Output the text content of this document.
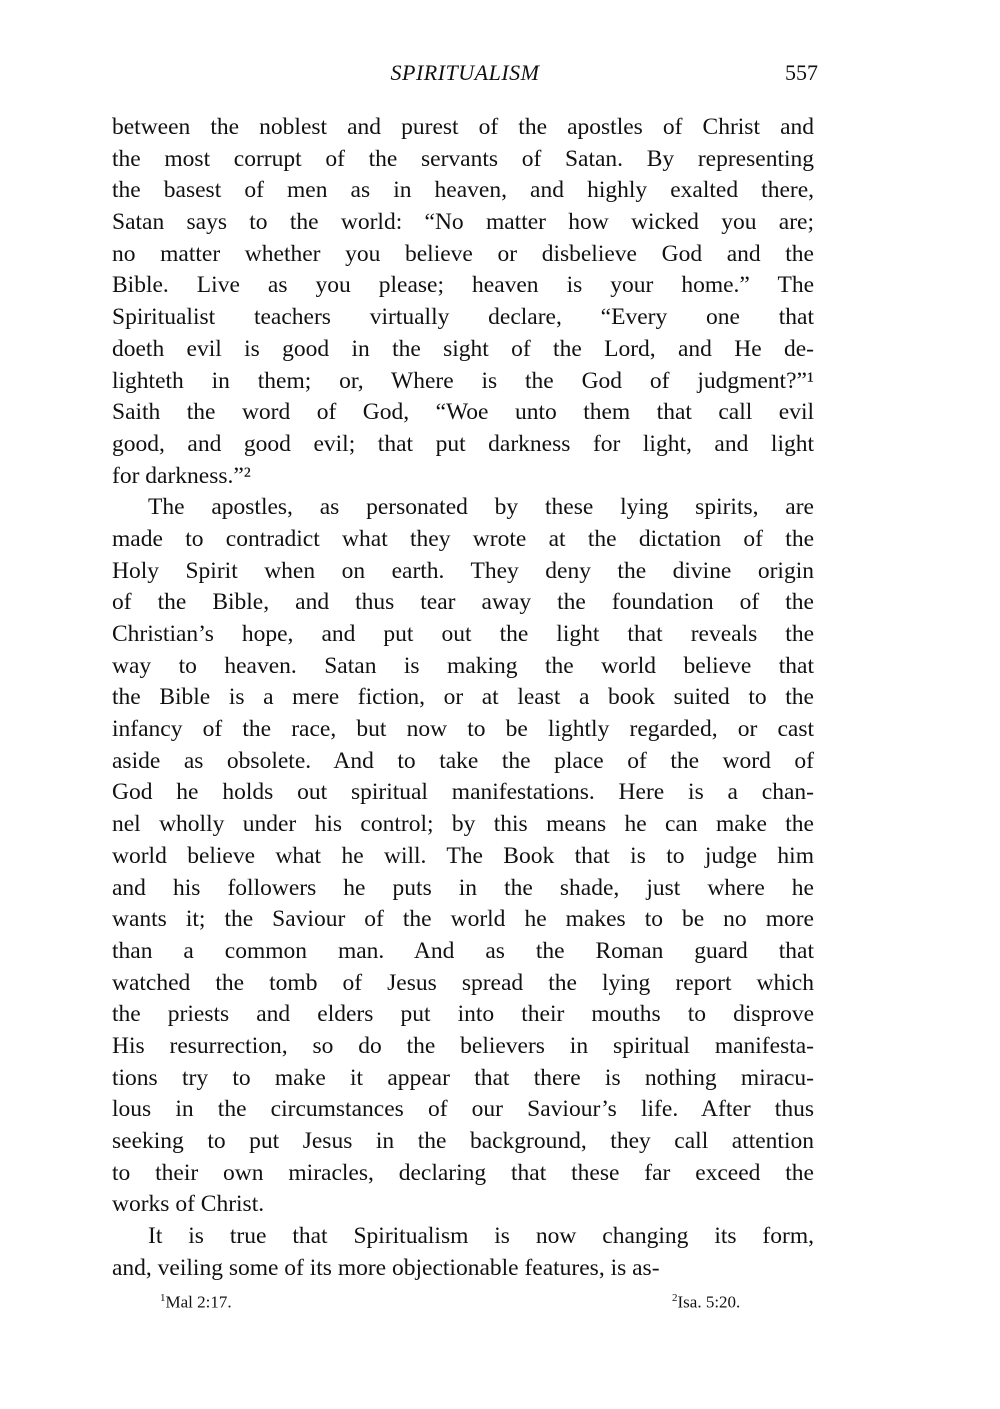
SPIRITUALISM	557
between the noblest and purest of the apostles of Christ and
the most corrupt of the servants of Satan. By representing
the basest of men as in heaven, and highly exalted there,
Satan says to the world: “No matter how wicked you are;
no matter whether you believe or disbelieve God and the
Bible. Live as you please; heaven is your home.” The
Spiritualist teachers virtually declare, “Every one that
doeth evil is good in the sight of the Lord, and He de-
lighteth in them; or, Where is the God of judgment?”¹
Saith the word of God, “Woe unto them that call evil
good, and good evil; that put darkness for light, and light
for darkness.”²
The apostles, as personated by these lying spirits, are
made to contradict what they wrote at the dictation of the
Holy Spirit when on earth. They deny the divine origin
of the Bible, and thus tear away the foundation of the
Christian’s hope, and put out the light that reveals the
way to heaven. Satan is making the world believe that
the Bible is a mere fiction, or at least a book suited to the
infancy of the race, but now to be lightly regarded, or cast
aside as obsolete. And to take the place of the word of
God he holds out spiritual manifestations. Here is a chan-
nel wholly under his control; by this means he can make the
world believe what he will. The Book that is to judge him
and his followers he puts in the shade, just where he
wants it; the Saviour of the world he makes to be no more
than a common man. And as the Roman guard that
watched the tomb of Jesus spread the lying report which
the priests and elders put into their mouths to disprove
His resurrection, so do the believers in spiritual manifesta-
tions try to make it appear that there is nothing miracu-
lous in the circumstances of our Saviour’s life. After thus
seeking to put Jesus in the background, they call attention
to their own miracles, declaring that these far exceed the
works of Christ.
It is true that Spiritualism is now changing its form,
and, veiling some of its more objectionable features, is as-
$^1$Mal 2:17.	$^2$Isa. 5:20.
